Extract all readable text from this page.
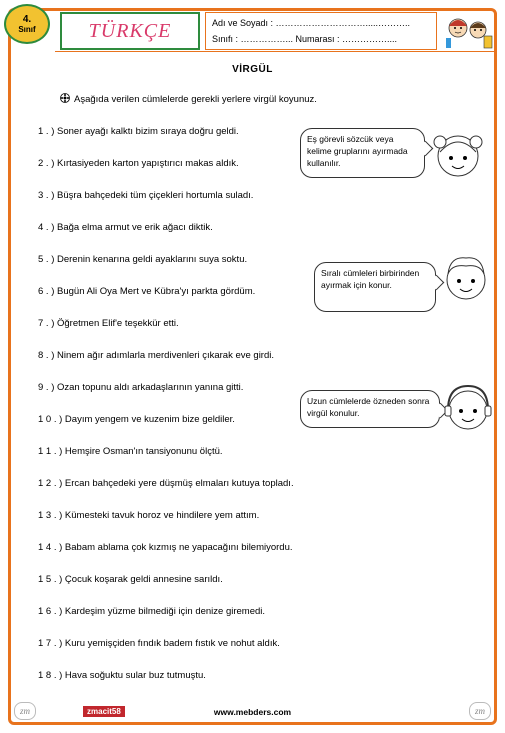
4.
Sınıf	TÜRKÇE	Adı ve Soyadı : ………………………….....………..
Sınıfı : ……………... Numarası : ……………....
VİRGÜL
Aşağıda verilen cümlelerde gerekli yerlere virgül koyunuz.
1 . ) Soner ayağı kalktı bizim sıraya doğru geldi.
2 . ) Kırtasiyeden karton yapıştırıcı makas aldık.
3 . ) Büşra bahçedeki tüm çiçekleri hortumla suladı.
4 . ) Bağa elma armut ve erik ağacı diktik.
5 . ) Derenin kenarına geldi ayaklarını suya soktu.
6 . ) Bugün Ali Oya Mert ve Kübra'yı parkta gördüm.
7 . ) Öğretmen Elif'e teşekkür etti.
8 . ) Ninem ağır adımlarla merdivenleri çıkarak eve girdi.
9 . ) Ozan topunu aldı arkadaşlarının yanına gitti.
1 0 . ) Dayım yengem ve kuzenim bize geldiler.
1 1 . ) Hemşire Osman'ın tansiyonunu ölçtü.
1 2 . ) Ercan bahçedeki yere düşmüş elmaları kutuya topladı.
1 3 . ) Kümesteki tavuk horoz ve hindilere yem attım.
1 4 . ) Babam ablama çok kızmış ne yapacağını bilemiyordu.
1 5 . ) Çocuk koşarak geldi annesine sarıldı.
1 6 . ) Kardeşim yüzme bilmediği için denize giremedi.
1 7 . ) Kuru yemişçiden fındık badem fıstık ve nohut aldık.
1 8 . ) Hava soğuktu sular buz tutmuştu.
Eş görevli sözcük veya kelime gruplarını ayırmada kullanılır.
Sıralı cümleleri birbirinden ayırmak için konur.
Uzun cümlelerde özneden sonra virgül konulur.
zm	zmacit58	www.mebders.com	zm
